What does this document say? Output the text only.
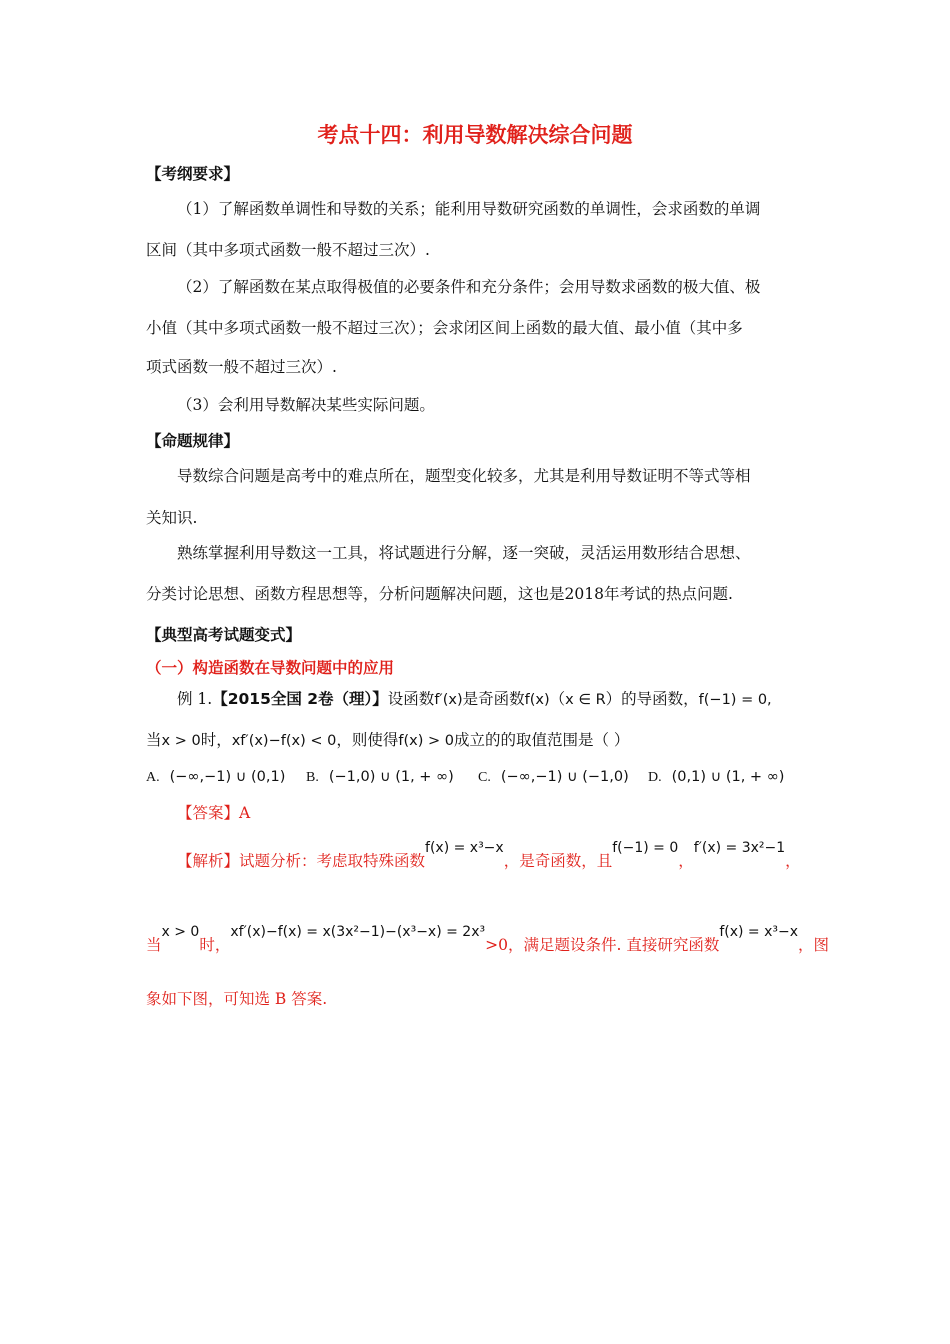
考点十四：利用导数解决综合问题
【考纲要求】
（1）了解函数单调性和导数的关系；能利用导数研究函数的单调性，会求函数的单调
区间（其中多项式函数一般不超过三次）.
（2）了解函数在某点取得极值的必要条件和充分条件；会用导数求函数的极大值、极
小值（其中多项式函数一般不超过三次）；会求闭区间上函数的最大值、最小值（其中多
项式函数一般不超过三次）.
（3）会利用导数解决某些实际问题。
【命题规律】
导数综合问题是高考中的难点所在，题型变化较多，尤其是利用导数证明不等式等相
关知识.
熟练掌握利用导数这一工具，将试题进行分解，逐一突破，灵活运用数形结合思想、
分类讨论思想、函数方程思想等，分析问题解决问题，这也是2018年考试的热点问题.
【典型高考试题变式】
（一）构造函数在导数问题中的应用
例 1.【2015全国 2卷（理）】设函数f′(x)是奇函数f(x)（x ∈ R）的导函数，f(−1) = 0,
当x > 0时，xf′(x)−f(x) < 0，则使得f(x) > 0成立的的取值范围是（ ）
A. (−∞,−1) ∪ (0,1) B. (−1,0) ∪ (1, + ∞) C. (−∞,−1) ∪ (−1,0) D. (0,1) ∪ (1, + ∞)
【答案】A
【解析】试题分析：考虑取特殊函数f(x) = x³−x，是奇函数，且f(−1) = 0，f′(x) = 3x²−1，
当x > 0时，xf′(x)−f(x) = x(3x²−1)−(x³−x) = 2x³>0，满足题设条件. 直接研究函数f(x) = x³−x，图
象如下图，可知选 B 答案.
